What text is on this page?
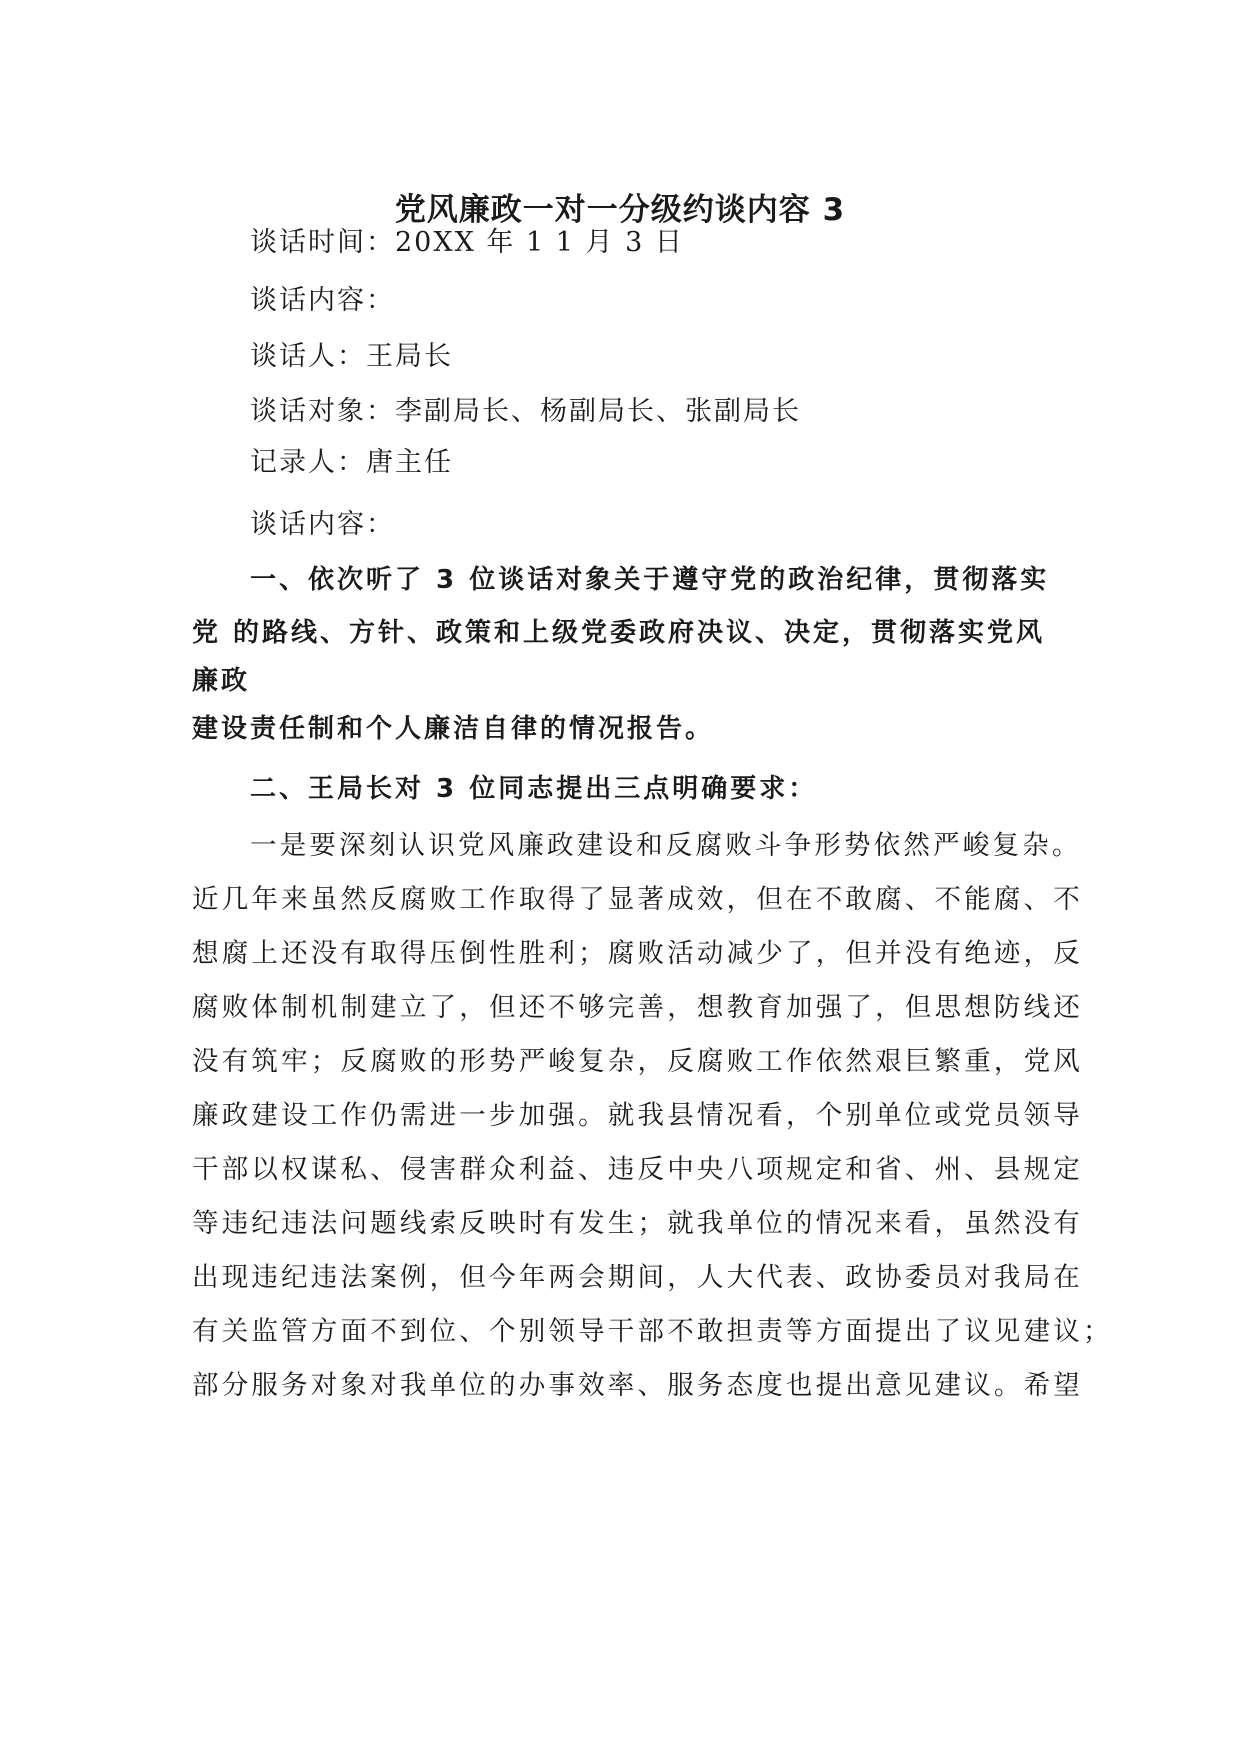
党风廉政一对一分级约谈内容 3

谈话时间：20XX 年 1 1 月 3 日

谈话内容：

谈话人：王局长

谈话对象：李副局长、杨副局长、张副局长

记录人：唐主任

谈话内容：

一、依次听了 3 位谈话对象关于遵守党的政治纪律，贯彻落实

党 的路线、方针、政策和上级党委政府决议、决定，贯彻落实党风

廉政

建设责任制和个人廉洁自律的情况报告。

二、王局长对 3 位同志提出三点明确要求：

一是要深刻认识党风廉政建设和反腐败斗争形势依然严峻复杂。

近几年来虽然反腐败工作取得了显著成效，但在不敢腐、不能腐、不

想腐上还没有取得压倒性胜利；腐败活动减少了，但并没有绝迹，反

腐败体制机制建立了，但还不够完善，想教育加强了，但思想防线还

没有筑牢；反腐败的形势严峻复杂，反腐败工作依然艰巨繁重，党风

廉政建设工作仍需进一步加强。就我县情况看，个别单位或党员领导

干部以权谋私、侵害群众利益、违反中央八项规定和省、州、县规定

等违纪违法问题线索反映时有发生；就我单位的情况来看，虽然没有

出现违纪违法案例，但今年两会期间，人大代表、政协委员对我局在

有关监管方面不到位、个别领导干部不敢担责等方面提出了议见建议；

部分服务对象对我单位的办事效率、服务态度也提出意见建议。希望
